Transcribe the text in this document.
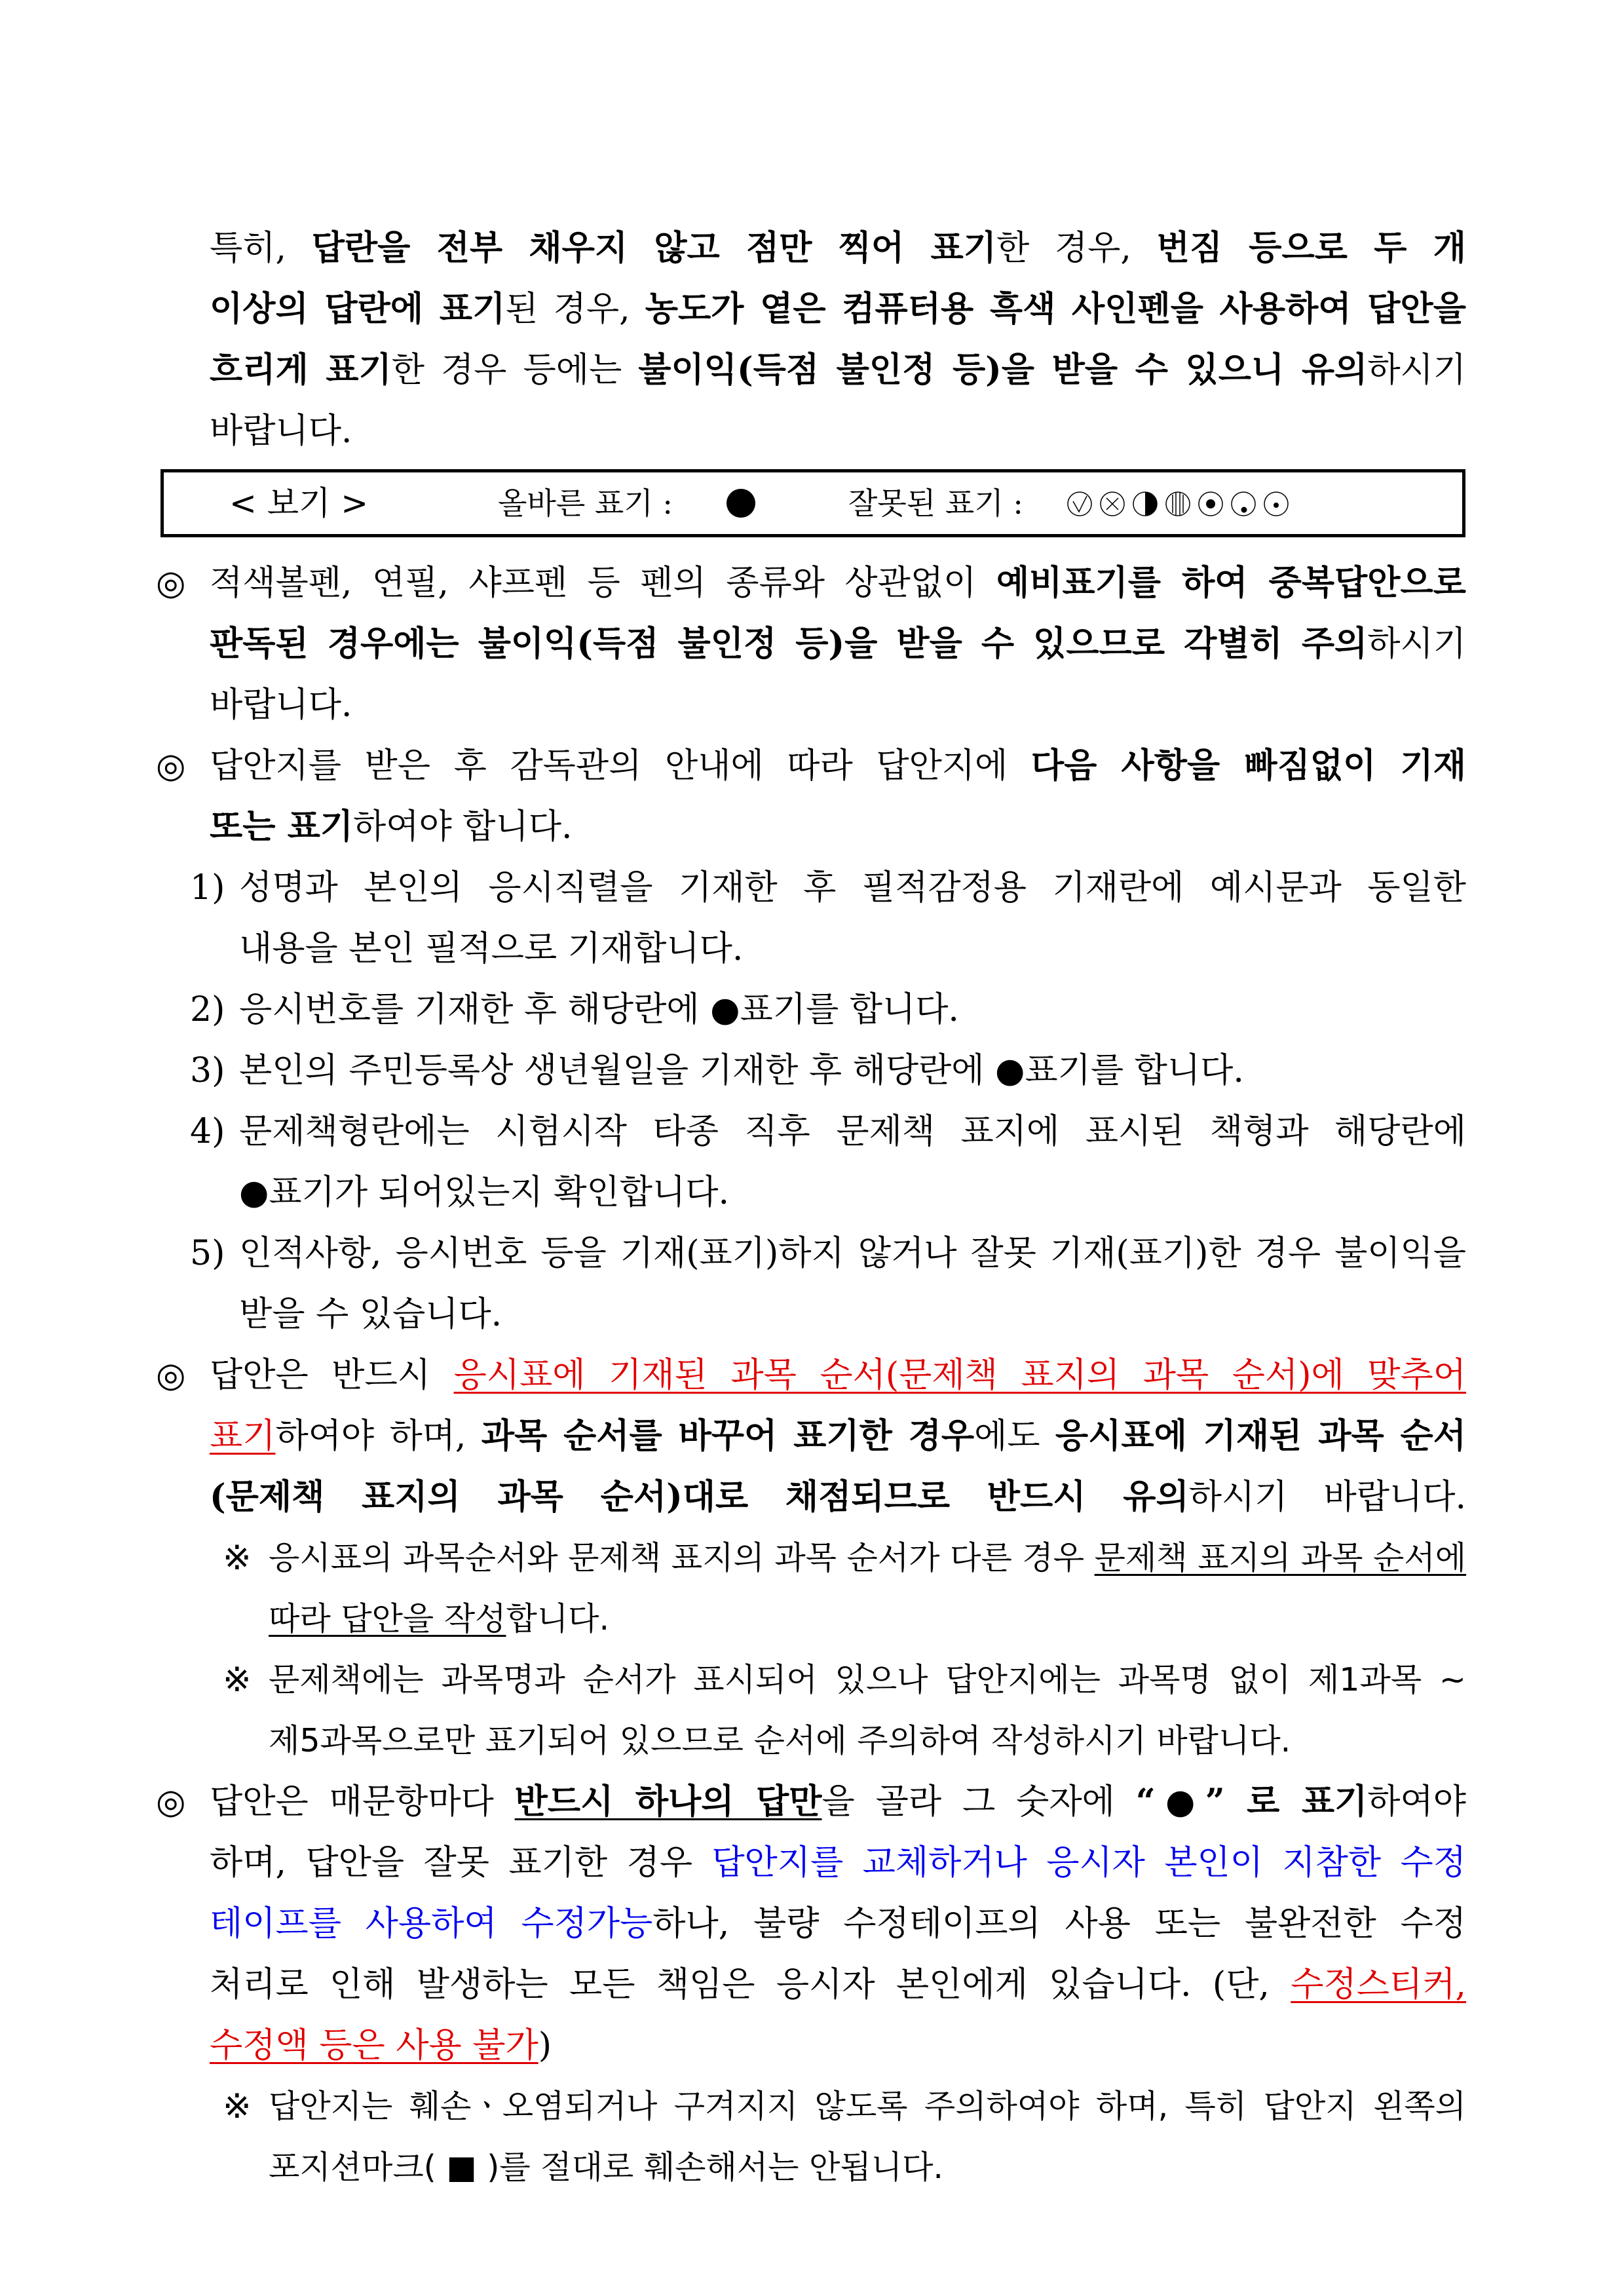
특히, 답란을 전부 채우지 않고 점만 찍어 표기한 경우, 번짐 등으로 두 개
이상의 답란에 표기된 경우, 농도가 옅은 컴퓨터용 흑색 사인펜을 사용하여 답안을
흐리게 표기한 경우 등에는 불이익(득점 불인정 등)을 받을 수 있으니 유의하시기
바랍니다.
< 보기 >	올바른 표기 :	잘못된 표기 :
◎ 적색볼펜, 연필, 샤프펜 등 펜의 종류와 상관없이 예비표기를 하여 중복답안으로
판독된 경우에는 불이익(득점 불인정 등)을 받을 수 있으므로 각별히 주의하시기
바랍니다.
◎ 답안지를 받은 후 감독관의 안내에 따라 답안지에 다음 사항을 빠짐없이 기재
또는 표기하여야 합니다.
1) 성명과 본인의 응시직렬을 기재한 후 필적감정용 기재란에 예시문과 동일한
내용을 본인 필적으로 기재합니다.
2) 응시번호를 기재한 후 해당란에 ●표기를 합니다.
3) 본인의 주민등록상 생년월일을 기재한 후 해당란에 ●표기를 합니다.
4) 문제책형란에는 시험시작 타종 직후 문제책 표지에 표시된 책형과 해당란에
●표기가 되어있는지 확인합니다.
5) 인적사항, 응시번호 등을 기재(표기)하지 않거나 잘못 기재(표기)한 경우 불이익을
받을 수 있습니다.
◎ 답안은 반드시 응시표에 기재된 과목 순서(문제책 표지의 과목 순서)에 맞추어
표기하여야 하며, 과목 순서를 바꾸어 표기한 경우에도 응시표에 기재된 과목 순서
(문제책 표지의 과목 순서)대로 채점되므로 반드시 유의하시기 바랍니다.
※ 응시표의 과목순서와 문제책 표지의 과목 순서가 다른 경우 문제책 표지의 과목 순서에
따라 답안을 작성합니다.
※ 문제책에는 과목명과 순서가 표시되어 있으나 답안지에는 과목명 없이 제1과목 ~
제5과목으로만 표기되어 있으므로 순서에 주의하여 작성하시기 바랍니다.
◎ 답안은 매문항마다 반드시 하나의 답만을 골라 그 숫자에 “●” 로 표기하여야
하며, 답안을 잘못 표기한 경우 답안지를 교체하거나 응시자 본인이 지참한 수정
테이프를 사용하여 수정가능하나, 불량 수정테이프의 사용 또는 불완전한 수정
처리로 인해 발생하는 모든 책임은 응시자 본인에게 있습니다. (단, 수정스티커,
수정액 등은 사용 불가)
※ 답안지는 훼손ㆍ오염되거나 구겨지지 않도록 주의하여야 하며, 특히 답안지 왼쪽의
포지션마크( ■ )를 절대로 훼손해서는 안됩니다.
